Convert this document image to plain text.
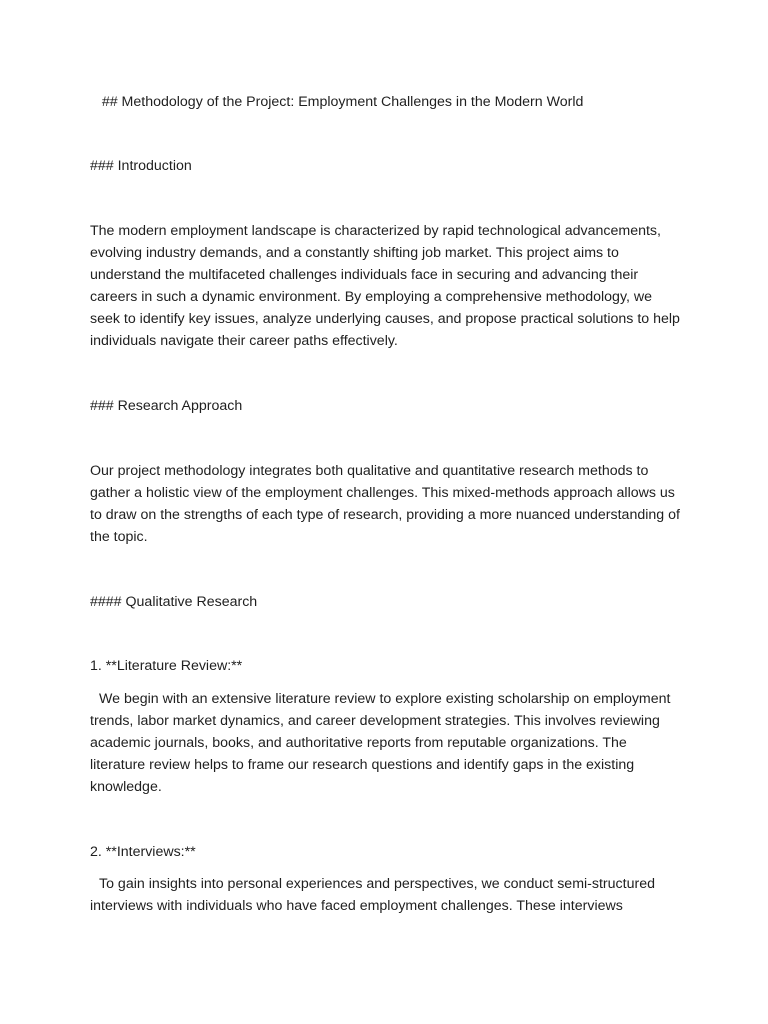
## Methodology of the Project: Employment Challenges in the Modern World

### Introduction

The modern employment landscape is characterized by rapid technological advancements, evolving industry demands, and a constantly shifting job market. This project aims to understand the multifaceted challenges individuals face in securing and advancing their careers in such a dynamic environment. By employing a comprehensive methodology, we seek to identify key issues, analyze underlying causes, and propose practical solutions to help individuals navigate their career paths effectively.

### Research Approach

Our project methodology integrates both qualitative and quantitative research methods to gather a holistic view of the employment challenges. This mixed-methods approach allows us to draw on the strengths of each type of research, providing a more nuanced understanding of the topic.

#### Qualitative Research

1. **Literature Review:**

We begin with an extensive literature review to explore existing scholarship on employment trends, labor market dynamics, and career development strategies. This involves reviewing academic journals, books, and authoritative reports from reputable organizations. The literature review helps to frame our research questions and identify gaps in the existing knowledge.

2. **Interviews:**

To gain insights into personal experiences and perspectives, we conduct semi-structured interviews with individuals who have faced employment challenges. These interviews
